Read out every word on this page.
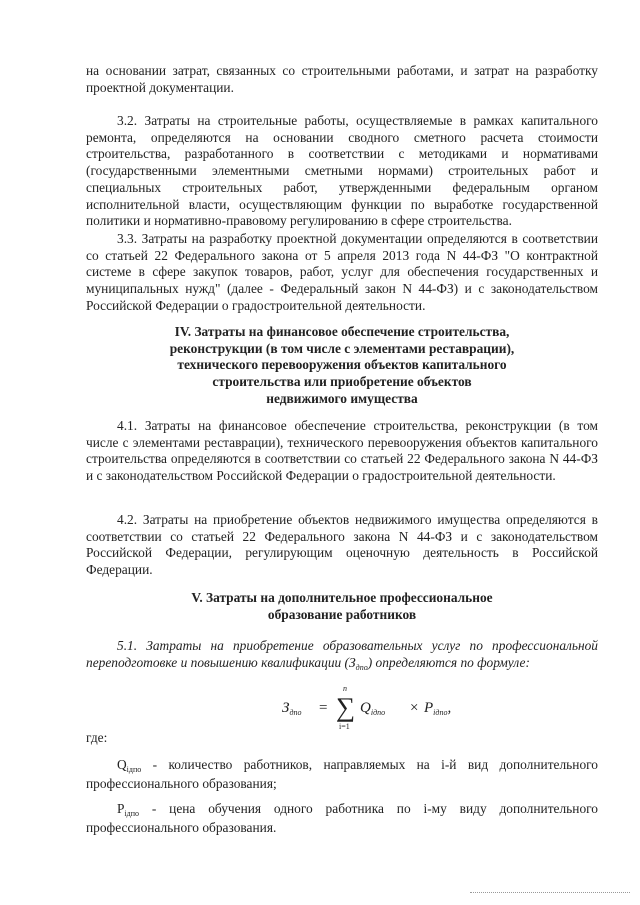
на основании затрат, связанных со строительными работами, и затрат на разработку проектной документации.

3.2. Затраты на строительные работы, осуществляемые в рамках капитального ремонта, определяются на основании сводного сметного расчета стоимости строительства, разработанного в соответствии с методиками и нормативами (государственными элементными сметными нормами) строительных работ и специальных строительных работ, утвержденными федеральным органом исполнительной власти, осуществляющим функции по выработке государственной политики и нормативно-правовому регулированию в сфере строительства.

3.3. Затраты на разработку проектной документации определяются в соответствии со статьей 22 Федерального закона от 5 апреля 2013 года N 44-ФЗ "О контрактной системе в сфере закупок товаров, работ, услуг для обеспечения государственных и муниципальных нужд" (далее - Федеральный закон N 44-ФЗ) и с законодательством Российской Федерации о градостроительной деятельности.

IV. Затраты на финансовое обеспечение строительства,
реконструкции (в том числе с элементами реставрации),
технического перевооружения объектов капитального
строительства или приобретение объектов
недвижимого имущества

4.1. Затраты на финансовое обеспечение строительства, реконструкции (в том числе с элементами реставрации), технического перевооружения объектов капитального строительства определяются в соответствии со статьей 22 Федерального закона N 44-ФЗ и с законодательством Российской Федерации о градостроительной деятельности.

4.2. Затраты на приобретение объектов недвижимого имущества определяются в соответствии со статьей 22 Федерального закона N 44-ФЗ и с законодательством Российской Федерации, регулирующим оценочную деятельность в Российской Федерации.

V. Затраты на дополнительное профессиональное
образование работников

5.1. Затраты на приобретение образовательных услуг по профессиональной переподготовке и повышению квалификации $(З_{дпо})$ определяются по формуле:

$З_{дпо}$ =
n
∑
i=1
$Q_{iдпо} \times P_{iдпо}$,

где:

$Q_{iдпо}$ - количество работников, направляемых на i-й вид дополнительного профессионального образования;

$P_{iдпо}$ - цена обучения одного работника по i-му виду дополнительного профессионального образования.
